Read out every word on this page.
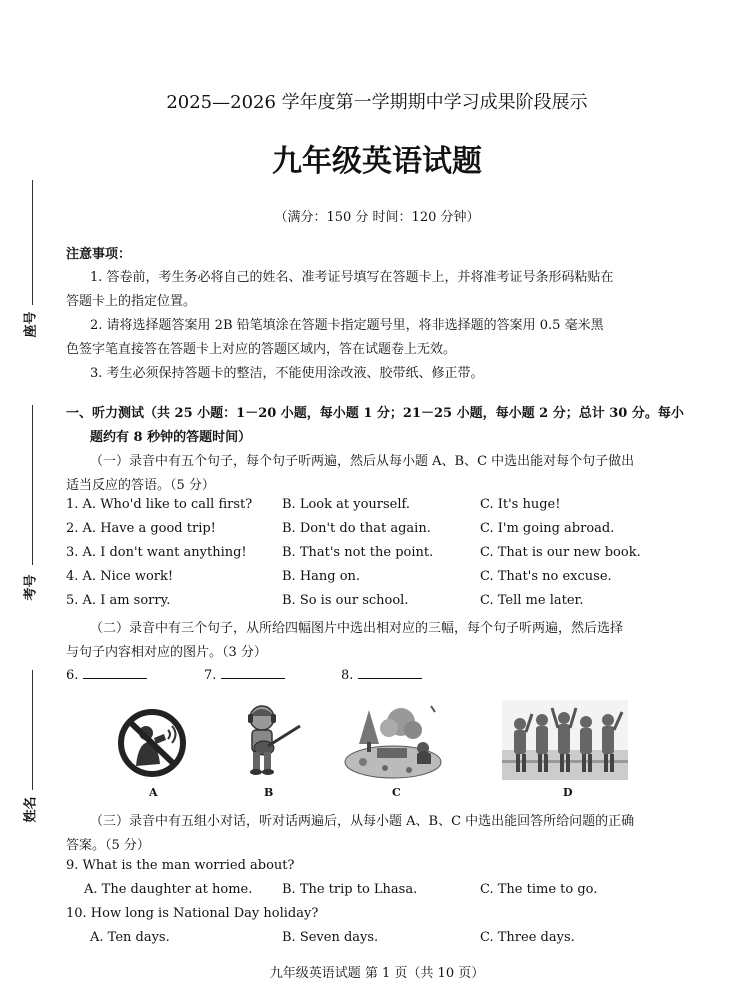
座号
考号
姓名
2025—2026 学年度第一学期期中学习成果阶段展示
九年级英语试题
（满分：150 分 时间：120 分钟）
注意事项：
1. 答卷前，考生务必将自己的姓名、准考证号填写在答题卡上，并将准考证号条形码粘贴在
答题卡上的指定位置。
2. 请将选择题答案用 2B 铅笔填涂在答题卡指定题号里，将非选择题的答案用 0.5 毫米黑
色签字笔直接答在答题卡上对应的答题区域内，答在试题卷上无效。
3. 考生必须保持答题卡的整洁，不能使用涂改液、胶带纸、修正带。
一、听力测试（共 25 小题：1－20 小题，每小题 1 分；21－25 小题，每小题 2 分；总计 30 分。每小
题约有 8 秒钟的答题时间）
（一）录音中有五个句子，每个句子听两遍，然后从每小题 A、B、C 中选出能对每个句子做出
适当反应的答语。（5 分）
1. A. Who'd like to call first? B. Look at yourself.	C. It's huge!
2. A. Have a good trip!	B. Don't do that again.	C. I'm going abroad.
3. A. I don't want anything!	B. That's not the point.	C. That is our new book.
4. A. Nice work!	B. Hang on.	C. That's no excuse.
5. A. I am sorry.	B. So is our school.	C. Tell me later.
（二）录音中有三个句子，从所给四幅图片中选出相对应的三幅，每个句子听两遍，然后选择
与句子内容相对应的图片。（3 分）
6.	7.	8.
A	B	C	D
（三）录音中有五组小对话，听对话两遍后，从每小题 A、B、C 中选出能回答所给问题的正确
答案。（5 分）
9. What is the man worried about?
A. The daughter at home. B. The trip to Lhasa.	C. The time to go.
10. How long is National Day holiday?
A. Ten days.	B. Seven days.	C. Three days.
九年级英语试题 第 1 页（共 10 页）
